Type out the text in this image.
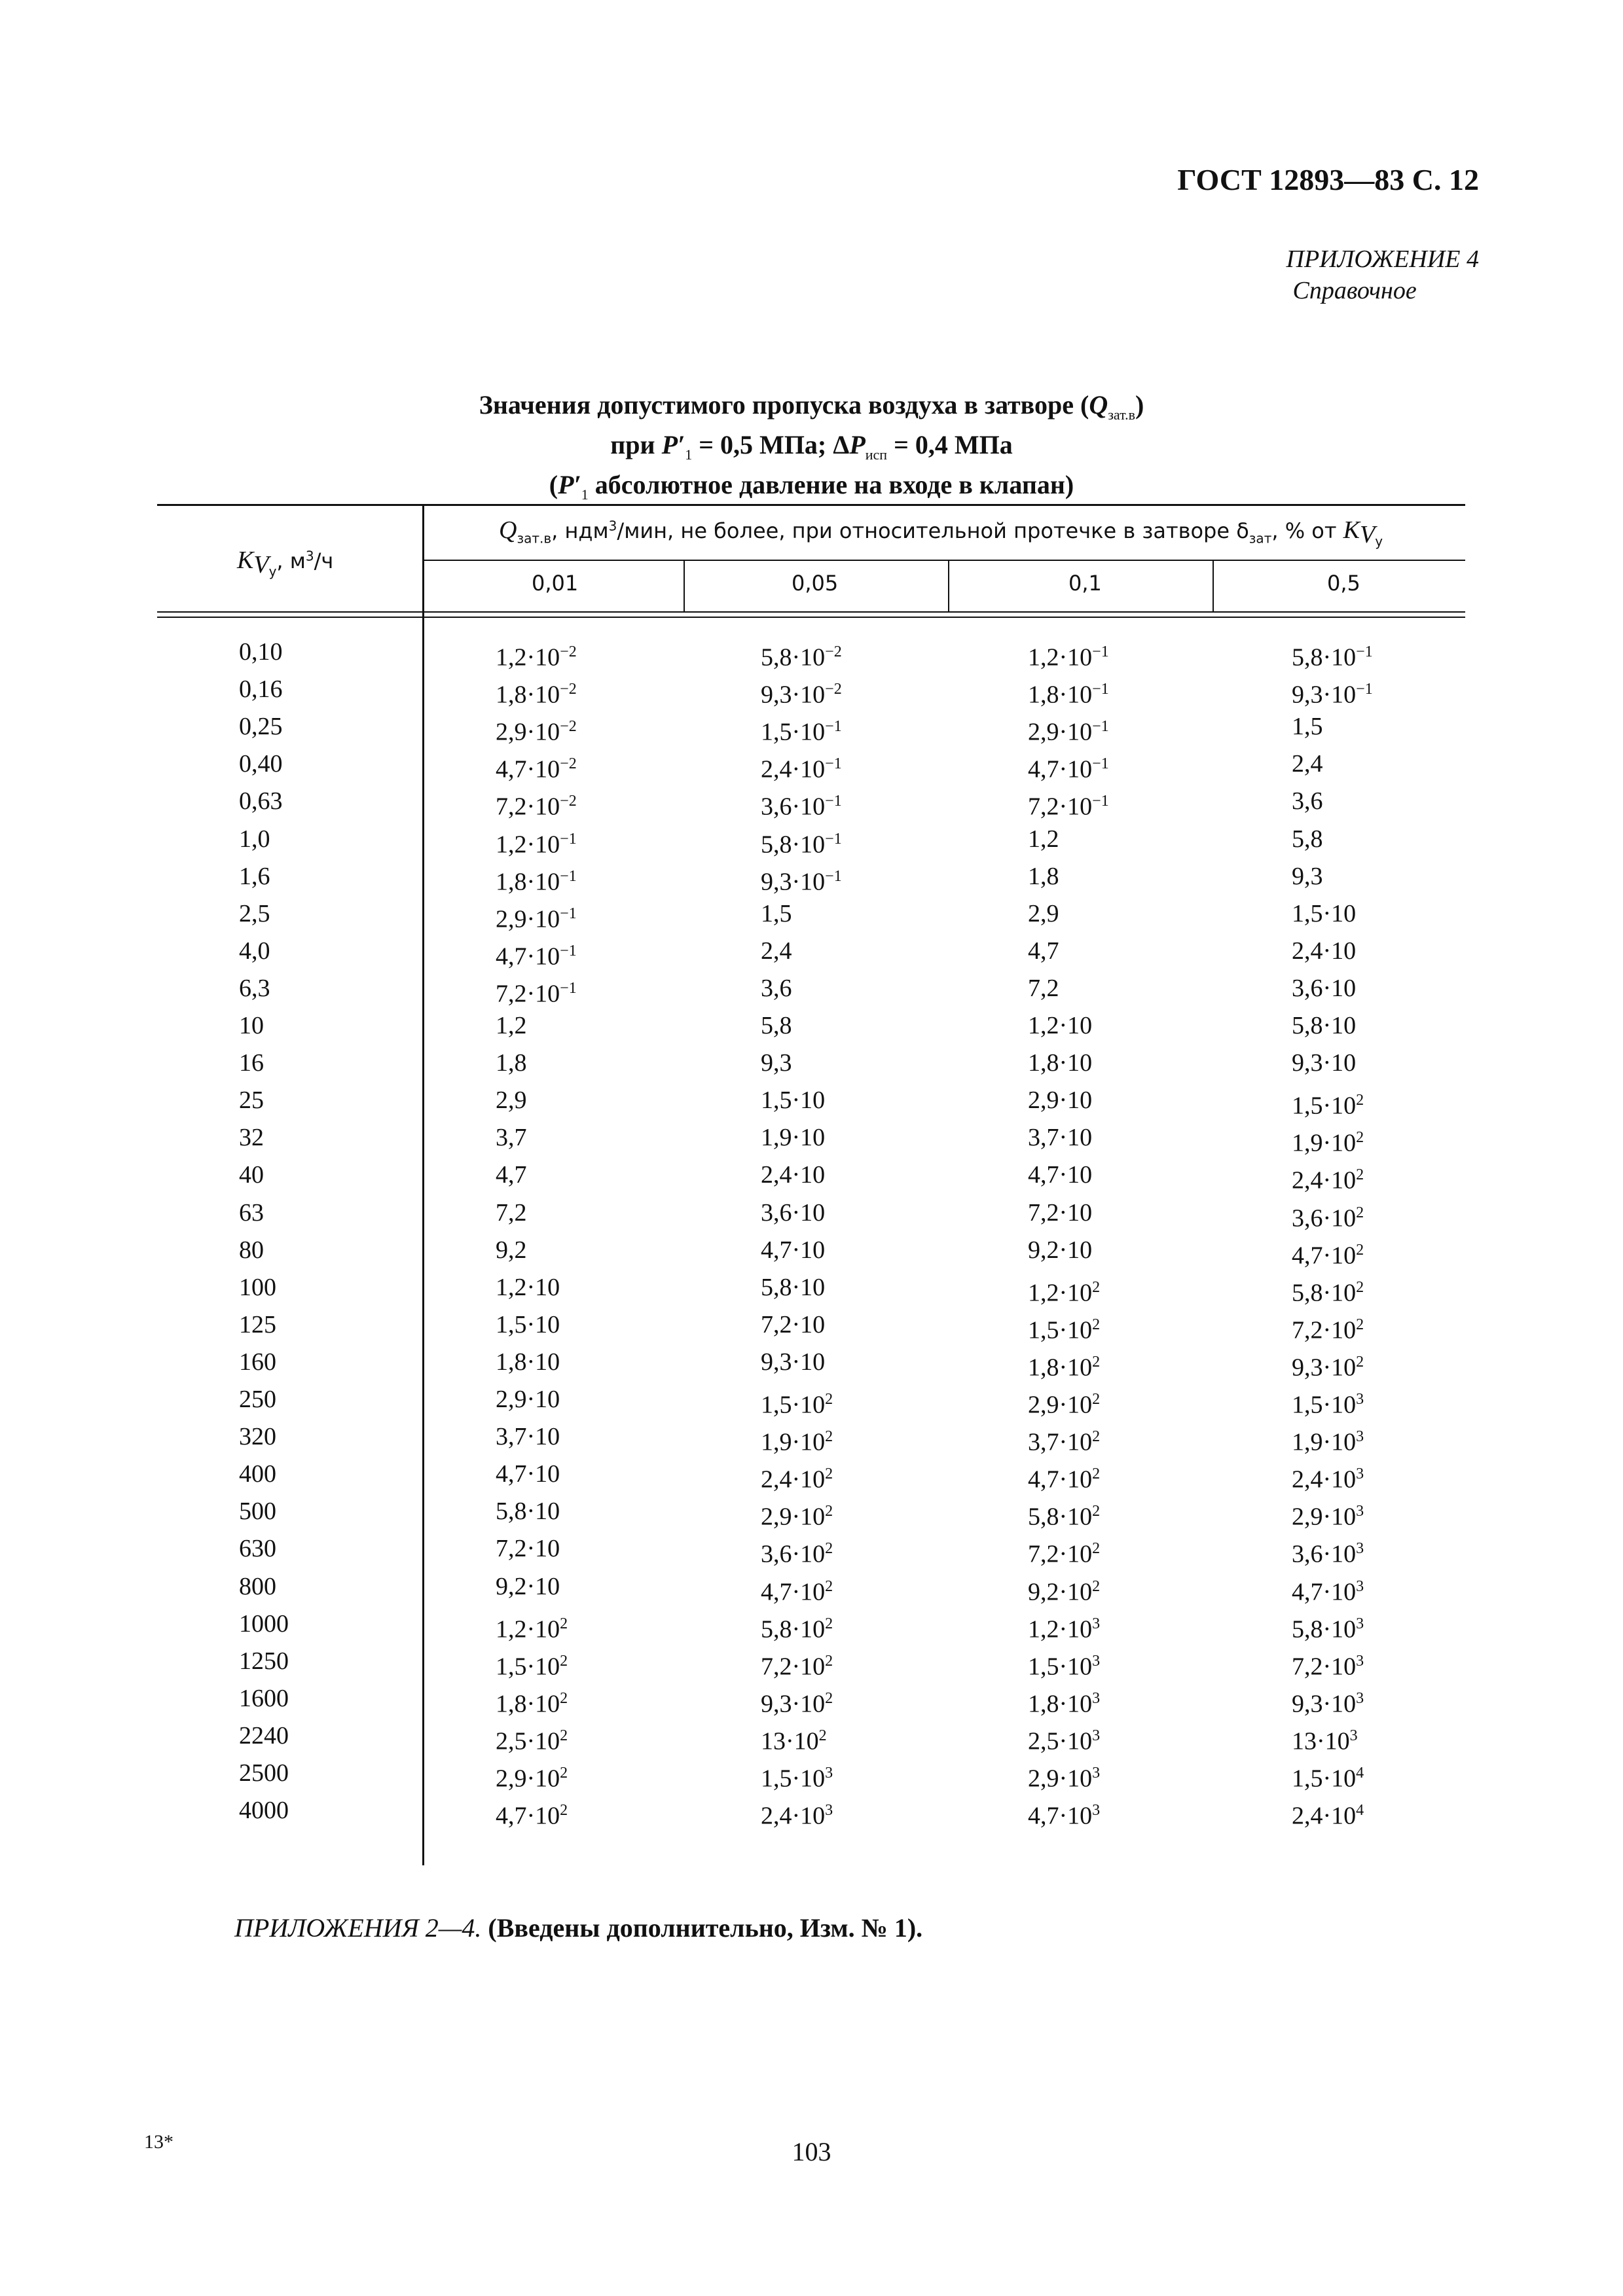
ГОСТ 12893—83 С. 12
ПРИЛОЖЕНИЕ 4
Справочное
Значения допустимого пропуска воздуха в затворе $(Q_{зат.в})$
при $P'_1 = 0,5$ МПа; $\Delta P_{исп} = 0,4$ МПа
($P'_1$ абсолютное давление на входе в клапан)
$K_{V_у}$, $м^3/ч$
$Q_{зат.в}$, ндм$^3$/мин, не более, при относительной протечке в затворе $\delta_{зат}$, % от $K_{V_у}$
0,01	0,05	0,1	0,5
0,10	$1,2\cdot 10^{-2}$	$5,8\cdot 10^{-2}$	$1,2\cdot 10^{-1}$	$5,8\cdot 10^{-1}$
0,16	$1,8\cdot 10^{-2}$	$9,3\cdot 10^{-2}$	$1,8\cdot 10^{-1}$	$9,3\cdot 10^{-1}$
0,25	$2,9\cdot 10^{-2}$	$1,5\cdot 10^{-1}$	$2,9\cdot 10^{-1}$	1,5
0,40	$4,7\cdot 10^{-2}$	$2,4\cdot 10^{-1}$	$4,7\cdot 10^{-1}$	2,4
0,63	$7,2\cdot 10^{-2}$	$3,6\cdot 10^{-1}$	$7,2\cdot 10^{-1}$	3,6
1,0	$1,2\cdot 10^{-1}$	$5,8\cdot 10^{-1}$	1,2	5,8
1,6	$1,8\cdot 10^{-1}$	$9,3\cdot 10^{-1}$	1,8	9,3
2,5	$2,9\cdot 10^{-1}$	1,5	2,9	1,5·10
4,0	$4,7\cdot 10^{-1}$	2,4	4,7	2,4·10
6,3	$7,2\cdot 10^{-1}$	3,6	7,2	3,6·10
10	1,2	5,8	1,2·10	5,8·10
16	1,8	9,3	1,8·10	9,3·10
25	2,9	1,5·10	2,9·10	$1,5\cdot 10^2$
32	3,7	1,9·10	3,7·10	$1,9\cdot 10^2$
40	4,7	2,4·10	4,7·10	$2,4\cdot 10^2$
63	7,2	3,6·10	7,2·10	$3,6\cdot 10^2$
80	9,2	4,7·10	9,2·10	$4,7\cdot 10^2$
100	1,2·10	5,8·10	$1,2\cdot 10^2$	$5,8\cdot 10^2$
125	1,5·10	7,2·10	$1,5\cdot 10^2$	$7,2\cdot 10^2$
160	1,8·10	9,3·10	$1,8\cdot 10^2$	$9,3\cdot 10^2$
250	2,9·10	$1,5\cdot 10^2$	$2,9\cdot 10^2$	$1,5\cdot 10^3$
320	3,7·10	$1,9\cdot 10^2$	$3,7\cdot 10^2$	$1,9\cdot 10^3$
400	4,7·10	$2,4\cdot 10^2$	$4,7\cdot 10^2$	$2,4\cdot 10^3$
500	5,8·10	$2,9\cdot 10^2$	$5,8\cdot 10^2$	$2,9\cdot 10^3$
630	7,2·10	$3,6\cdot 10^2$	$7,2\cdot 10^2$	$3,6\cdot 10^3$
800	9,2·10	$4,7\cdot 10^2$	$9,2\cdot 10^2$	$4,7\cdot 10^3$
1000	$1,2\cdot 10^2$	$5,8\cdot 10^2$	$1,2\cdot 10^3$	$5,8\cdot 10^3$
1250	$1,5\cdot 10^2$	$7,2\cdot 10^2$	$1,5\cdot 10^3$	$7,2\cdot 10^3$
1600	$1,8\cdot 10^2$	$9,3\cdot 10^2$	$1,8\cdot 10^3$	$9,3\cdot 10^3$
2240	$2,5\cdot 10^2$	$13\cdot 10^2$	$2,5\cdot 10^3$	$13\cdot 10^3$
2500	$2,9\cdot 10^2$	$1,5\cdot 10^3$	$2,9\cdot 10^3$	$1,5\cdot 10^4$
4000	$4,7\cdot 10^2$	$2,4\cdot 10^3$	$4,7\cdot 10^3$	$2,4\cdot 10^4$
ПРИЛОЖЕНИЯ 2—4. (Введены дополнительно, Изм. № 1).
13*	103
